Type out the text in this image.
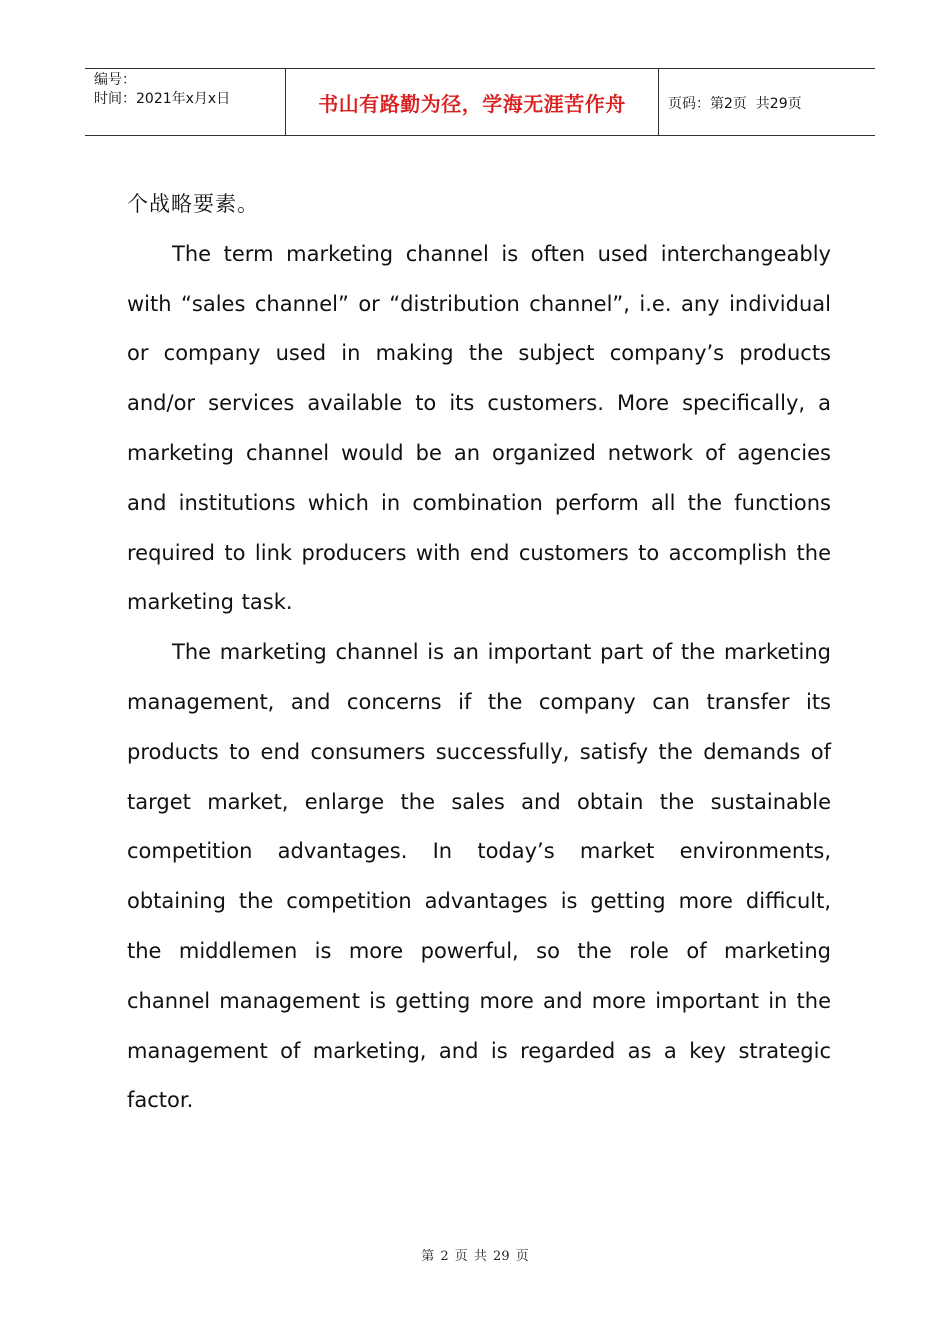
编号：
时间：2021年x月x日	书山有路勤为径，学海无涯苦作舟	页码：第2页  共29页

个战略要素。

The term marketing channel is often used interchangeably with “sales channel” or “distribution channel”, i.e. any individual or company used in making the subject company’s products and/or services available to its customers. More specifically, a marketing channel would be an organized network of agencies and institutions which in combination perform all the functions required to link producers with end customers to accomplish the marketing task.

The marketing channel is an important part of the marketing management, and concerns if the company can transfer its products to end consumers successfully, satisfy the demands of target market, enlarge the sales and obtain the sustainable competition advantages. In today’s market environments, obtaining the competition advantages is getting more difficult, the middlemen is more powerful, so the role of marketing channel management is getting more and more important in the management of marketing, and is regarded as a key strategic factor.

第 2 页 共 29 页
